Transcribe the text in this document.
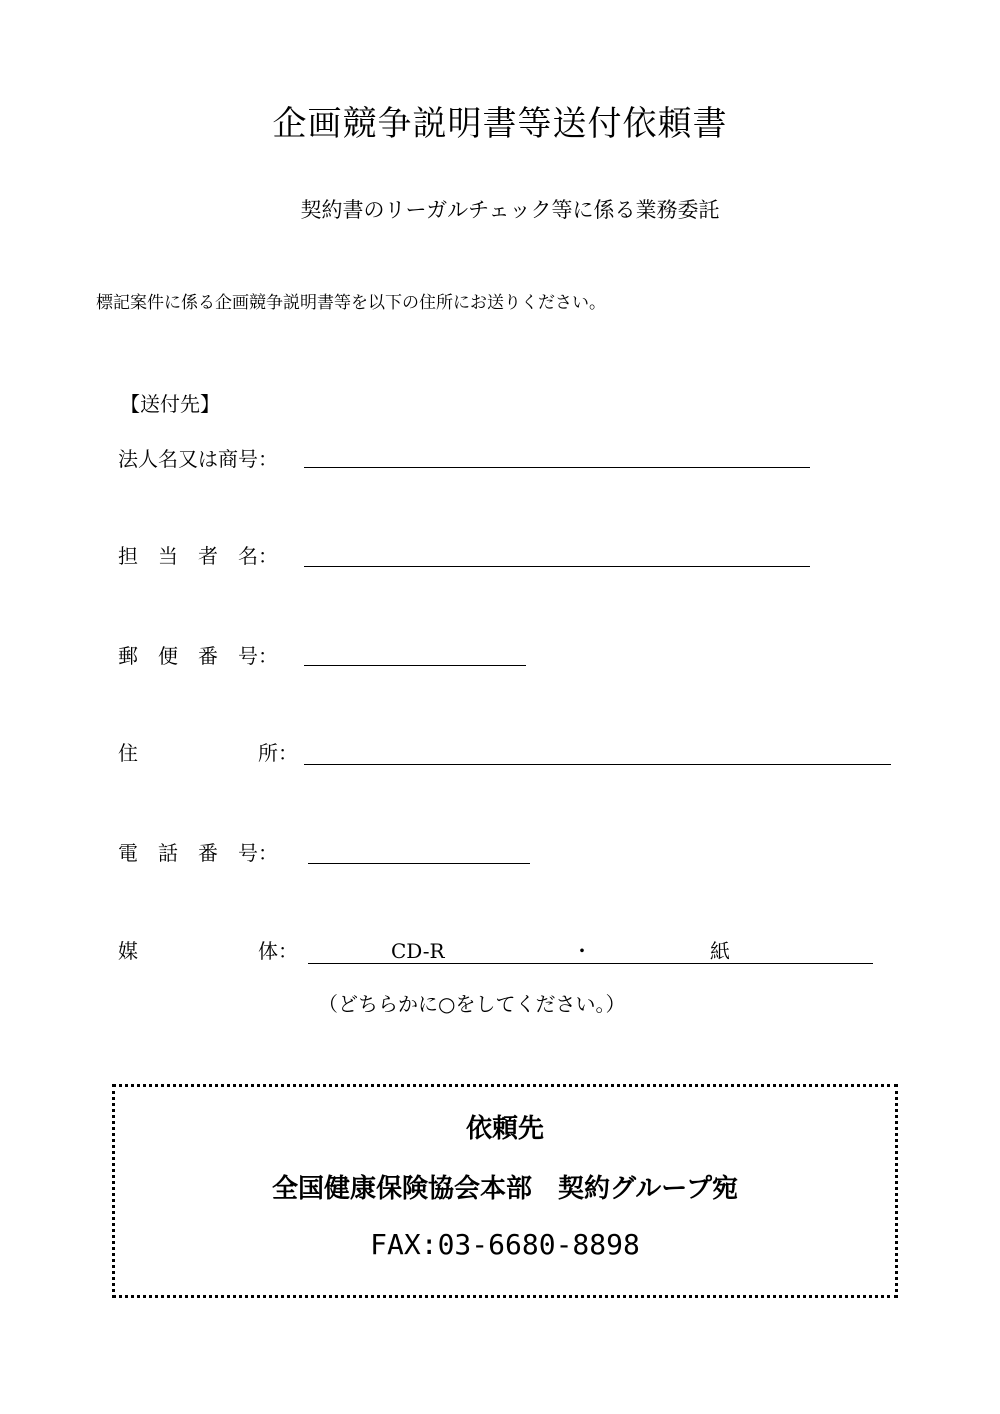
企画競争説明書等送付依頼書
契約書のリーガルチェック等に係る業務委託
標記案件に係る企画競争説明書等を以下の住所にお送りください。
【送付先】
法人名又は商号：
担　当　者　名：
郵　便　番　号：
住	所：
電　話　番　号：
媒	体：	CD-R	・	紙
（どちらかに○をしてください。）
依頼先
全国健康保険協会本部　契約グループ宛
FAX:03-6680-8898
